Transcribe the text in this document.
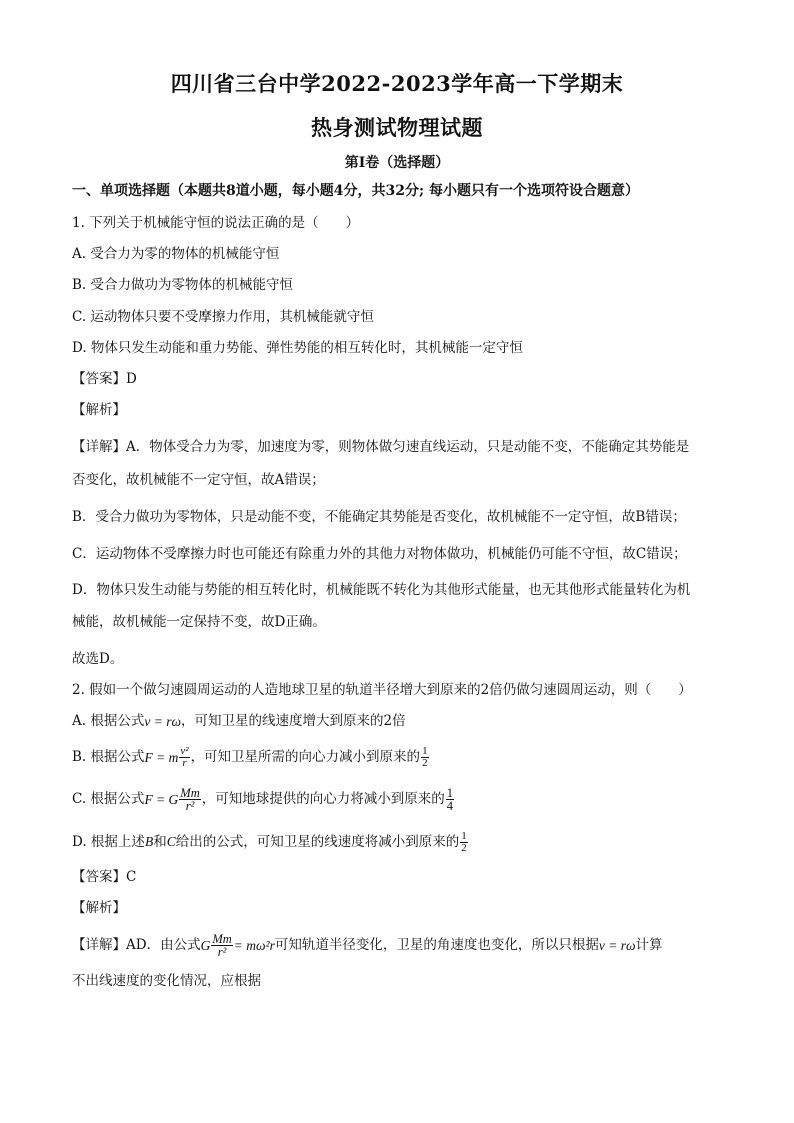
四川省三台中学2022-2023学年高一下学期末
热身测试物理试题
第Ⅰ卷（选择题）
一、单项选择题（本题共8道小题，每小题4分，共32分; 每小题只有一个选项符设合题意）
1. 下列关于机械能守恒的说法正确的是（　　）
A. 受合力为零的物体的机械能守恒
B. 受合力做功为零物体的机械能守恒
C. 运动物体只要不受摩擦力作用，其机械能就守恒
D. 物体只发生动能和重力势能、弹性势能的相互转化时，其机械能一定守恒
【答案】D
【解析】
【详解】A．物体受合力为零，加速度为零，则物体做匀速直线运动，只是动能不变，不能确定其势能是
否变化，故机械能不一定守恒，故A错误；
B．受合力做功为零物体，只是动能不变，不能确定其势能是否变化，故机械能不一定守恒，故B错误；
C．运动物体不受摩擦力时也可能还有除重力外的其他力对物体做功，机械能仍可能不守恒，故C错误；
D．物体只发生动能与势能的相互转化时，机械能既不转化为其他形式能量，也无其他形式能量转化为机
械能，故机械能一定保持不变，故D正确。
故选D。
2. 假如一个做匀速圆周运动的人造地球卫星的轨道半径增大到原来的2倍仍做匀速圆周运动，则（　　）
A. 根据公式v = rω，可知卫星的线速度增大到原来的2倍
B. 根据公式F = m $\frac{\text{v²}}{r}$ ，可知卫星所需的向心力减小到原来的 $\frac{1}{2}$
C. 根据公式F = G $\frac{Mm}{\text{r²}}$ ，可知地球提供的向心力将减小到原来的 $\frac{1}{4}$
D. 根据上述B和C给出的公式，可知卫星的线速度将减小到原来的 $\frac{1}{2}$
【答案】C
【解析】
【详解】AD．由公式G $\frac{Mm}{\text{r²}} = m\omega^2r$可知轨道半径变化，卫星的角速度也变化，所以只根据v = rω计算
不出线速度的变化情况，应根据
